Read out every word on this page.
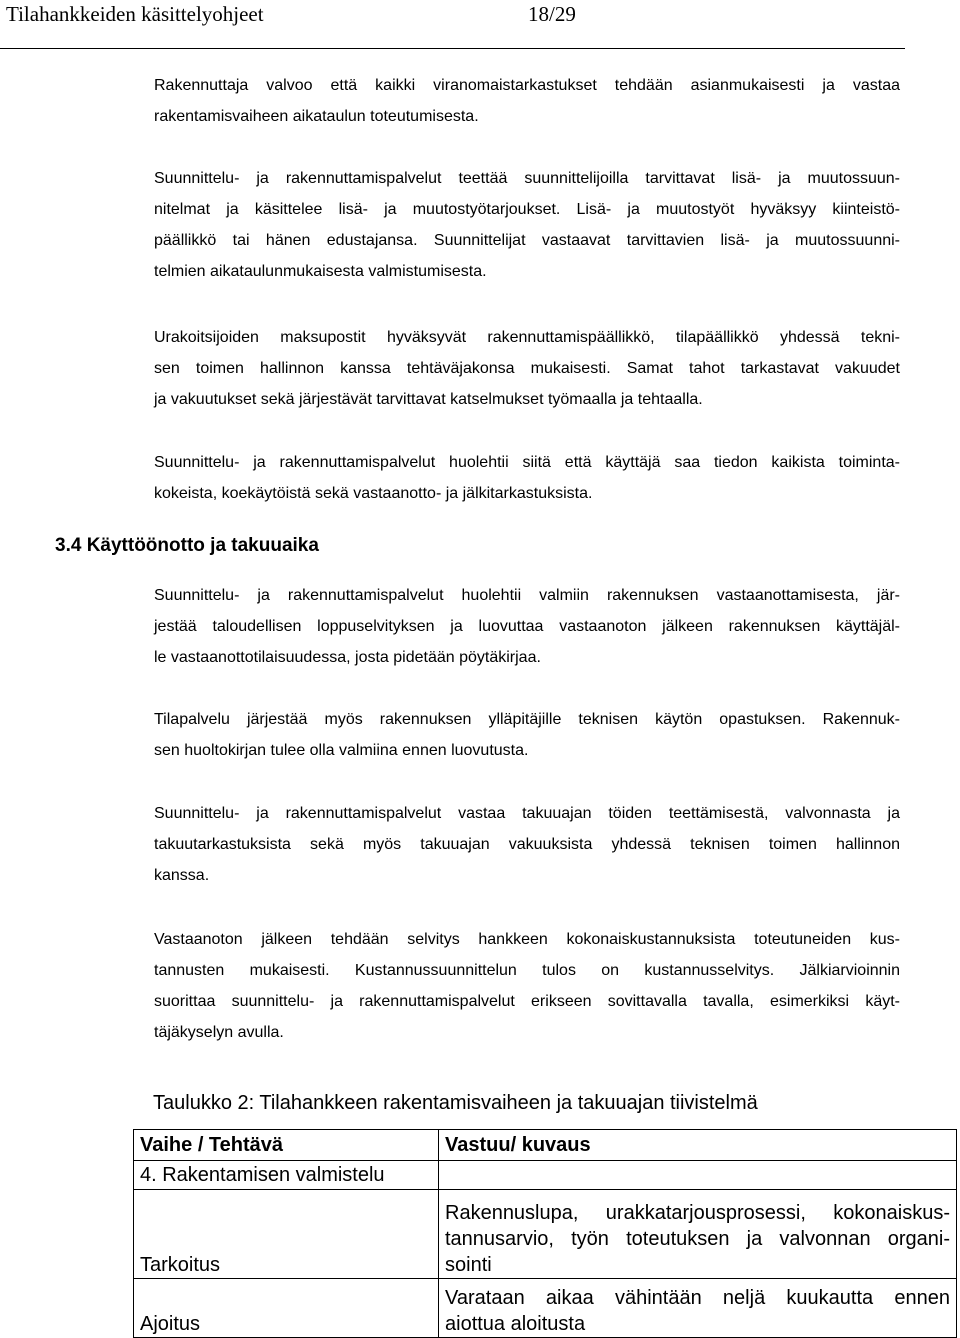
Tilahankkeiden käsittelyohjeet	18/29

Rakennuttaja valvoo että kaikki viranomaistarkastukset tehdään asianmukaisesti ja vastaa
rakentamisvaiheen aikataulun toteutumisesta.

Suunnittelu- ja rakennuttamispalvelut teettää suunnittelijoilla tarvittavat lisä- ja muutossuun-
nitelmat ja käsittelee lisä- ja muutostyötarjoukset. Lisä- ja muutostyöt hyväksyy kiinteistö-
päällikkö tai hänen edustajansa. Suunnittelijat vastaavat tarvittavien lisä- ja muutossuunni-
telmien aikataulunmukaisesta valmistumisesta.

Urakoitsijoiden maksupostit hyväksyvät rakennuttamispäällikkö, tilapäällikkö yhdessä tekni-
sen toimen hallinnon kanssa tehtäväjakonsa mukaisesti. Samat tahot tarkastavat vakuudet
ja vakuutukset sekä järjestävät tarvittavat katselmukset työmaalla ja tehtaalla.

Suunnittelu- ja rakennuttamispalvelut huolehtii siitä että käyttäjä saa tiedon kaikista toiminta-
kokeista, koekäytöistä sekä vastaanotto- ja jälkitarkastuksista.

3.4 Käyttöönotto ja takuuaika

Suunnittelu- ja rakennuttamispalvelut huolehtii valmiin rakennuksen vastaanottamisesta, jär-
jestää taloudellisen loppuselvityksen ja luovuttaa vastaanoton jälkeen rakennuksen käyttäjäl-
le vastaanottotilaisuudessa, josta pidetään pöytäkirjaa.

Tilapalvelu järjestää myös rakennuksen ylläpitäjille teknisen käytön opastuksen. Rakennuk-
sen huoltokirjan tulee olla valmiina ennen luovutusta.

Suunnittelu- ja rakennuttamispalvelut vastaa takuuajan töiden teettämisestä, valvonnasta ja
takuutarkastuksista sekä myös takuuajan vakuuksista yhdessä teknisen toimen hallinnon
kanssa.

Vastaanoton jälkeen tehdään selvitys hankkeen kokonaiskustannuksista toteutuneiden kus-
tannusten mukaisesti. Kustannussuunnittelun tulos on kustannusselvitys. Jälkiarvioinnin
suorittaa suunnittelu- ja rakennuttamispalvelut erikseen sovittavalla tavalla, esimerkiksi käyt-
täjäkyselyn avulla.

Taulukko 2: Tilahankkeen rakentamisvaiheen ja takuuajan tiivistelmä

Vaihe / Tehtävä	Vastuu/ kuvaus
4. Rakentamisen valmistelu	
Tarkoitus	Rakennuslupa, urakkatarjousprosessi, kokonaiskus-
tannusarvio, työn toteutuksen ja valvonnan organi-
sointi

Ajoitus	Varataan aikaa vähintään neljä kuukautta ennen
aiottua aloitusta
